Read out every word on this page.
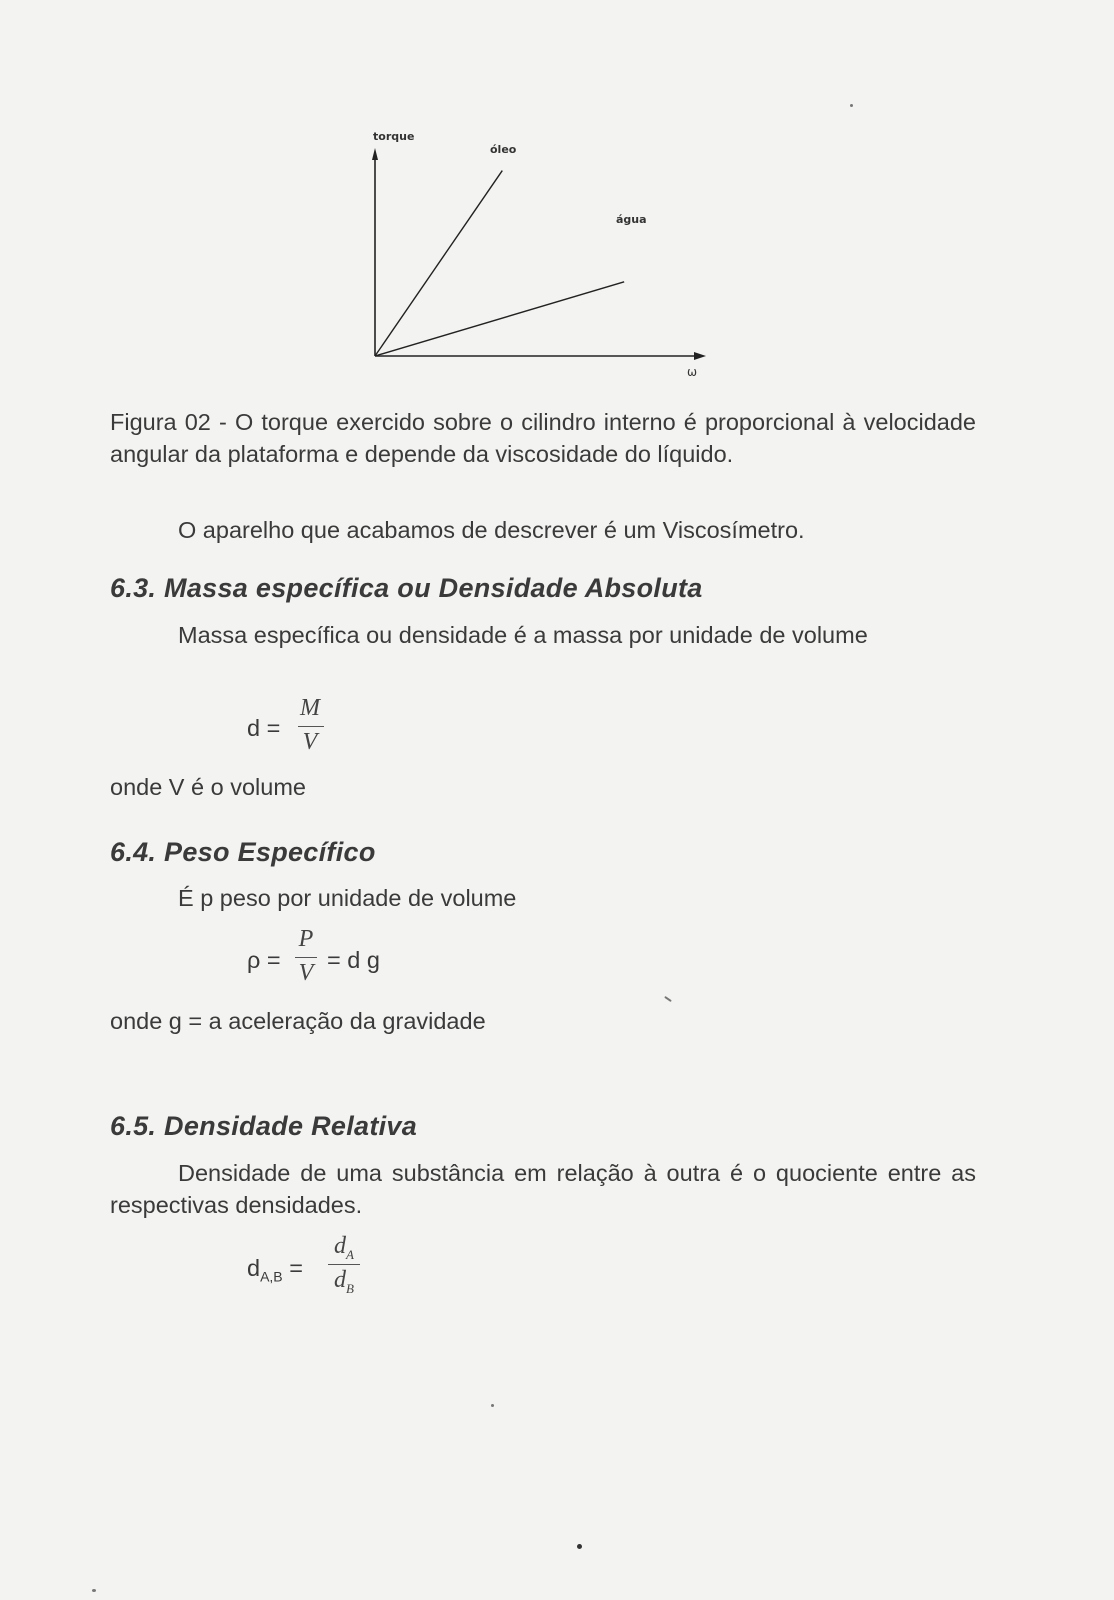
torque
óleo
água
ω
Figura 02 - O torque exercido sobre o cilindro interno é proporcional à velocidade angular da plataforma e depende da viscosidade do líquido.
O aparelho que acabamos de descrever é um Viscosímetro.
6.3. Massa específica ou Densidade Absoluta
Massa específica ou densidade é a massa por unidade de volume
d =
M
V
onde V é o volume
6.4. Peso Específico
É p peso por unidade de volume
ρ =
P
V = d g
onde g = a aceleração da gravidade
6.5. Densidade Relativa
Densidade de uma substância em relação à outra é o quociente entre as respectivas densidades.
$d_{A,B}$ =
$d_A$
$d_B$
